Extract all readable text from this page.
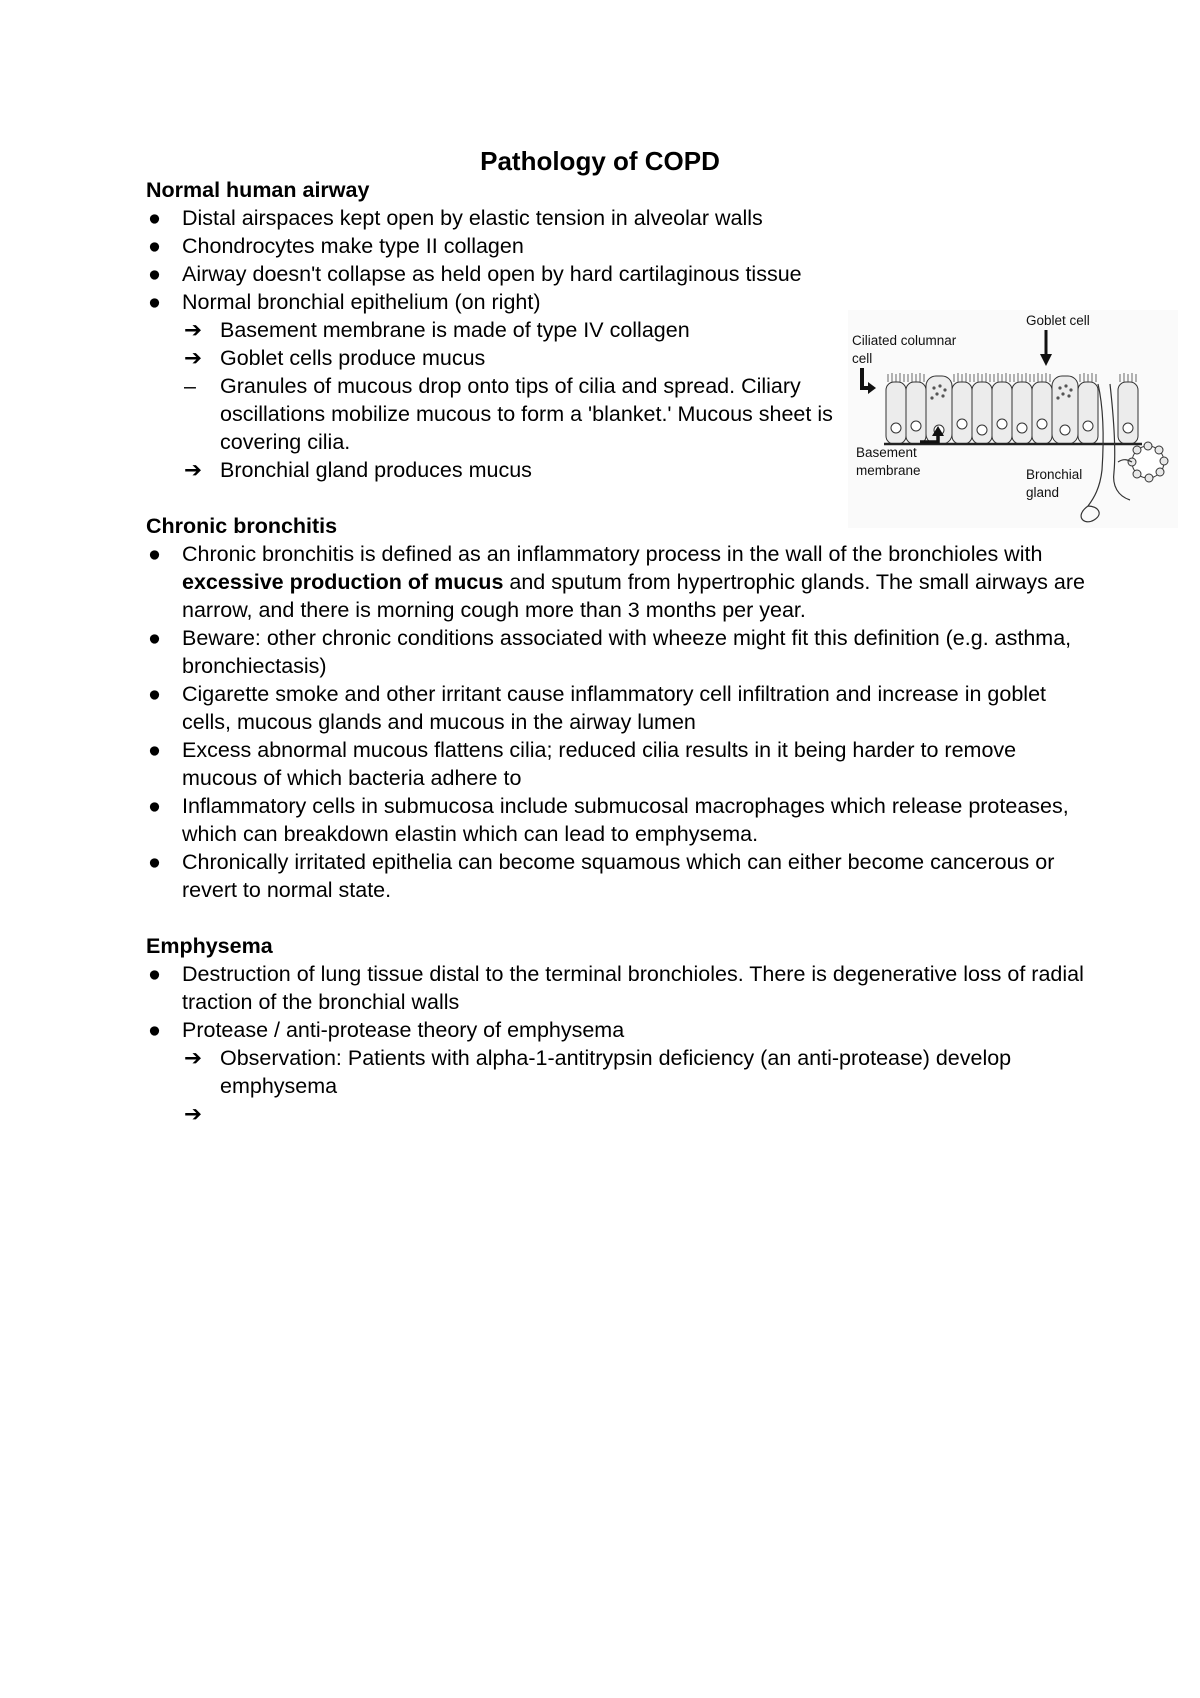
Pathology of COPD
Normal human airway
● Distal airspaces kept open by elastic tension in alveolar walls
● Chondrocytes make type II collagen
● Airway doesn't collapse as held open by hard cartilaginous tissue
● Normal bronchial epithelium (on right)
➔ Basement membrane is made of type IV collagen
➔ Goblet cells produce mucus
–	Granules of mucous drop onto tips of cilia and spread. Ciliary oscillations mobilize mucous to form a 'blanket.' Mucous sheet is covering cilia.
➔ Bronchial gland produces mucus
Chronic bronchitis
● Chronic bronchitis is defined as an inflammatory process in the wall of the bronchioles with excessive production of mucus and sputum from hypertrophic glands. The small airways are narrow, and there is morning cough more than 3 months per year.
● Beware: other chronic conditions associated with wheeze might fit this definition (e.g. asthma, bronchiectasis)
● Cigarette smoke and other irritant cause inflammatory cell infiltration and increase in goblet cells, mucous glands and mucous in the airway lumen
● Excess abnormal mucous flattens cilia; reduced cilia results in it being harder to remove mucous of which bacteria adhere to
● Inflammatory cells in submucosa include submucosal macrophages which release proteases, which can breakdown elastin which can lead to emphysema.
● Chronically irritated epithelia can become squamous which can either become cancerous or revert to normal state.
Emphysema
● Destruction of lung tissue distal to the terminal bronchioles. There is degenerative loss of radial traction of the bronchial walls
● Protease / anti-protease theory of emphysema
➔ Observation: Patients with alpha-1-antitrypsin deficiency (an anti-protease) develop emphysema
➔
Goblet cell
Ciliated columnar
cell
Basement
membrane	Bronchial
gland
